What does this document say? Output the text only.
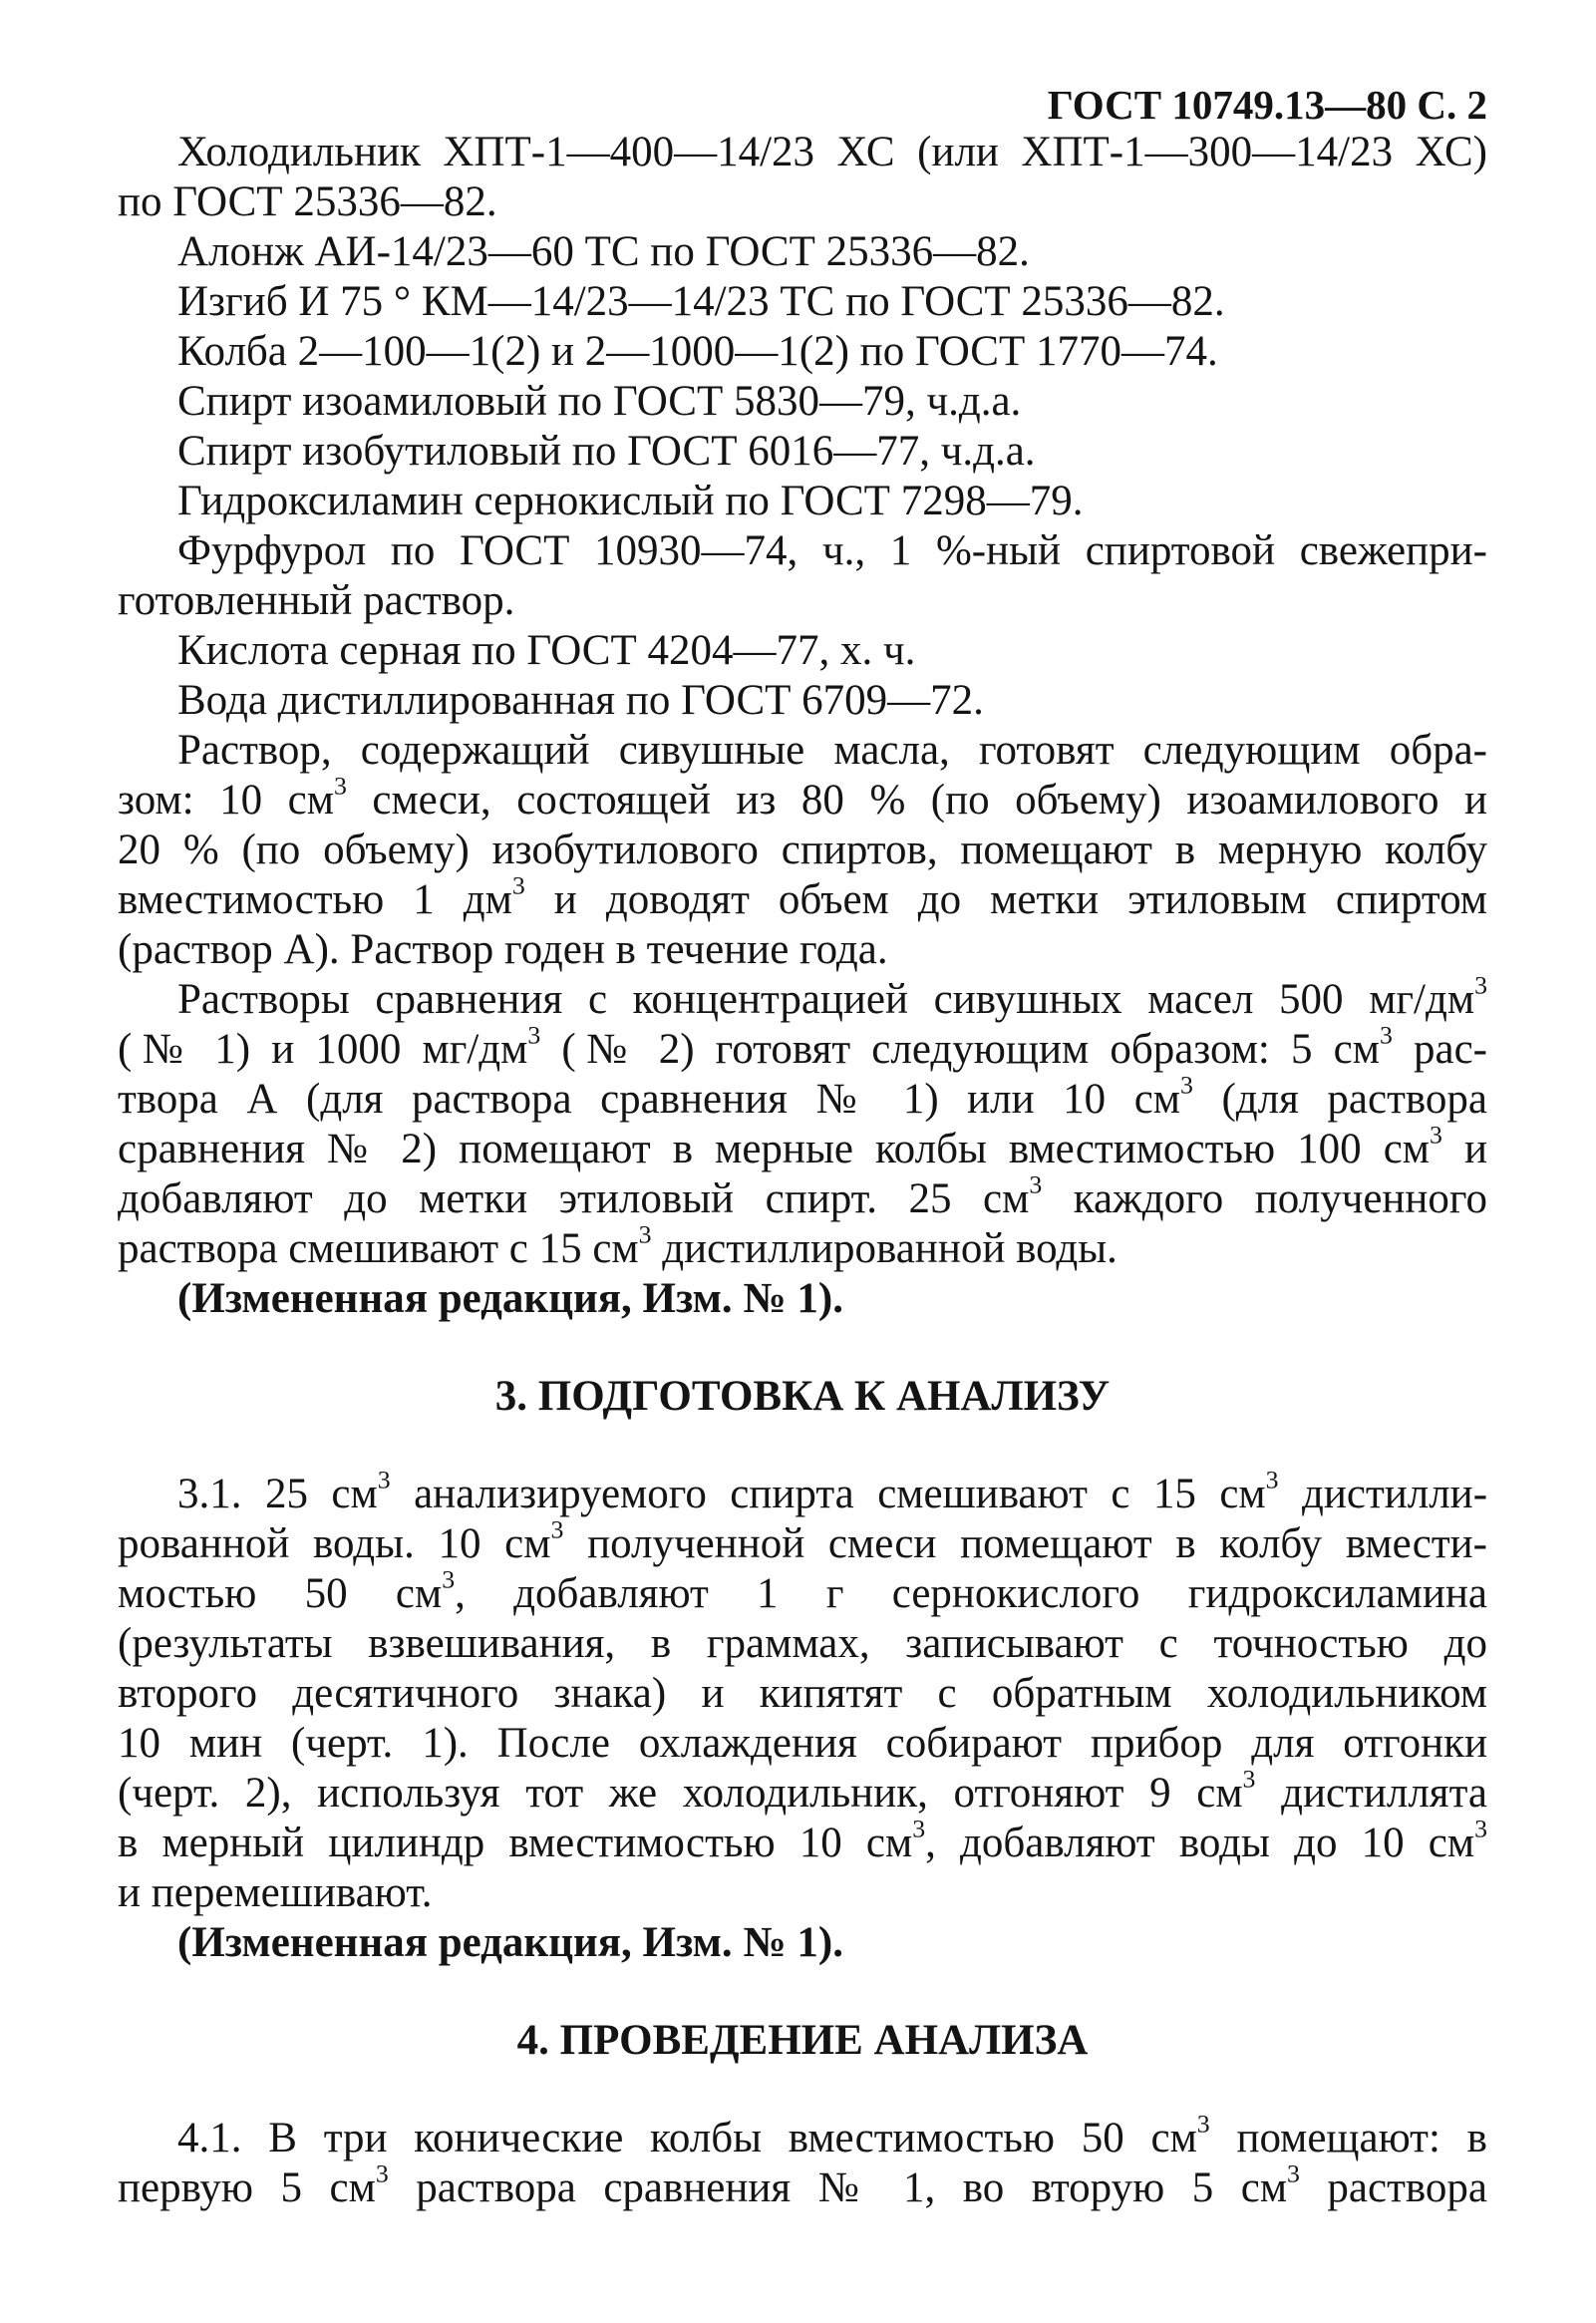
ГОСТ 10749.13—80 С. 2
Холодильник ХПТ-1—400—14/23 ХС (или ХПТ-1—300—14/23 ХС)
по ГОСТ 25336—82.
Алонж АИ-14/23—60 ТС по ГОСТ 25336—82.
Изгиб И 75 ° КМ—14/23—14/23 ТС по ГОСТ 25336—82.
Колба 2—100—1(2) и 2—1000—1(2) по ГОСТ 1770—74.
Спирт изоамиловый по ГОСТ 5830—79, ч.д.а.
Спирт изобутиловый по ГОСТ 6016—77, ч.д.а.
Гидроксиламин сернокислый по ГОСТ 7298—79.
Фурфурол по ГОСТ 10930—74, ч., 1 %-ный спиртовой свежепри-
готовленный раствор.
Кислота серная по ГОСТ 4204—77, х. ч.
Вода дистиллированная по ГОСТ 6709—72.
Раствор, содержащий сивушные масла, готовят следующим обра-
зом: 10 $см^3$ смеси, состоящей из 80 % (по объему) изоамилового и
20 % (по объему) изобутилового спиртов, помещают в мерную колбу
вместимостью 1 $дм^3$ и доводят объем до метки этиловым спиртом
(раствор А). Раствор годен в течение года.
Растворы сравнения с концентрацией сивушных масел 500 $мг/дм^3$
(№ 1) и 1000 $мг/дм^3$ (№ 2) готовят следующим образом: 5 $см^3$ рас-
твора А (для раствора сравнения № 1) или 10 $см^3$ (для раствора
сравнения № 2) помещают в мерные колбы вместимостью 100 $см^3$ и
добавляют до метки этиловый спирт. 25 $см^3$ каждого полученного
раствора смешивают с 15 $см^3$ дистиллированной воды.
(Измененная редакция, Изм. № 1).
3. ПОДГОТОВКА К АНАЛИЗУ
3.1. 25 $см^3$ анализируемого спирта смешивают с 15 $см^3$ дистилли-
рованной воды. 10 $см^3$ полученной смеси помещают в колбу вмести-
мостью 50 $см^3$, добавляют 1 г сернокислого гидроксиламина
(результаты взвешивания, в граммах, записывают с точностью до
второго десятичного знака) и кипятят с обратным холодильником
10 мин (черт. 1). После охлаждения собирают прибор для отгонки
(черт. 2), используя тот же холодильник, отгоняют 9 $см^3$ дистиллята
в мерный цилиндр вместимостью 10 $см^3$, добавляют воды до 10 $см^3$
и перемешивают.
(Измененная редакция, Изм. № 1).
4. ПРОВЕДЕНИЕ АНАЛИЗА
4.1. В три конические колбы вместимостью 50 $см^3$ помещают: в
первую 5 $см^3$ раствора сравнения № 1, во вторую 5 $см^3$ раствора
